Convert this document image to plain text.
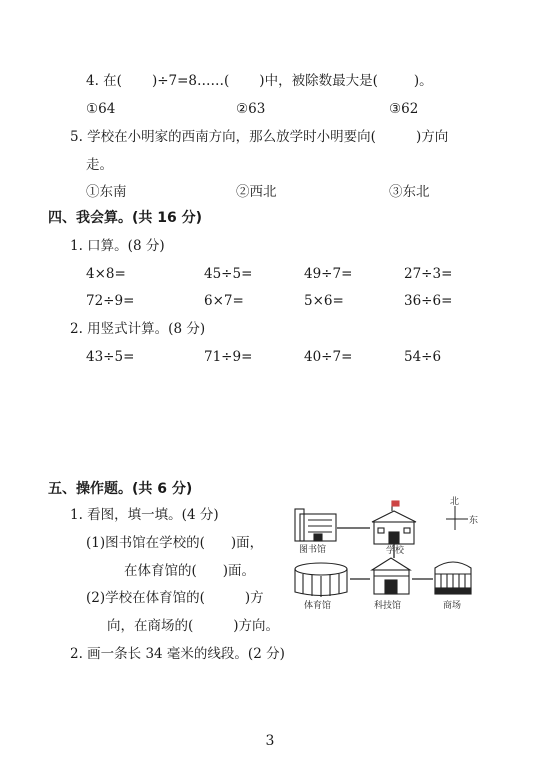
4. 在( )÷7=8……( )中，被除数最大是(	)。
①64	②63	③62
5. 学校在小明家的西南方向，那么放学时小明要向(	)方向
走。
①东南	②西北	③东北
四、我会算。(共 16 分)
1. 口算。(8 分)
4×8=	45÷5=	49÷7=	27÷3=
72÷9=	6×7=	5×6=	36÷6=
2. 用竖式计算。(8 分)
43÷5=	71÷9=	40÷7=	54÷6
五、操作题。(共 6 分)
1. 看图，填一填。(4 分)
(1)图书馆在学校的( )面，
在体育馆的( )面。
(2)学校在体育馆的(	)方
向，在商场的(	)方向。
2. 画一条长 34 毫米的线段。(2 分)
北
东
图书馆	学校
体育馆	科技馆	商场
3
